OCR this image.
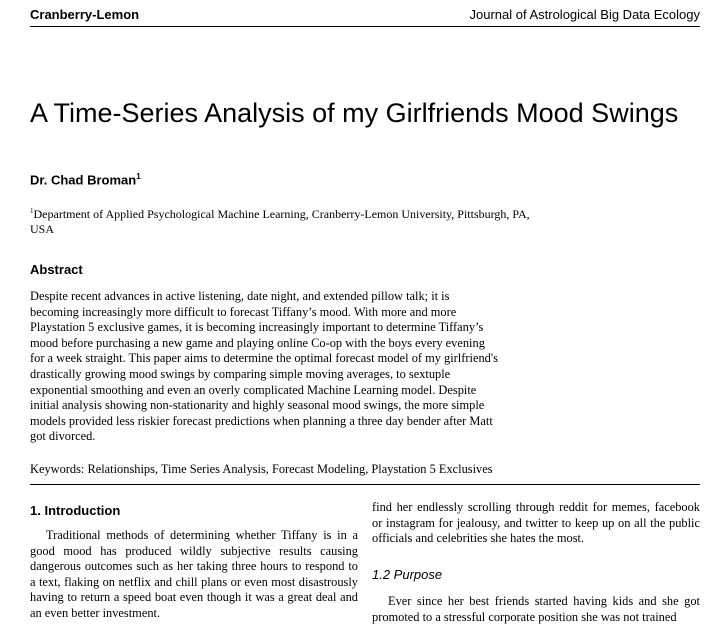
Cranberry-Lemon	Journal of Astrological Big Data Ecology
A Time-Series Analysis of my Girlfriends Mood Swings
Dr. Chad Broman$^1$
$^1$Department of Applied Psychological Machine Learning, Cranberry-Lemon University, Pittsburgh, PA, USA
Abstract

Despite recent advances in active listening, date night, and extended pillow talk; it is becoming increasingly more difficult to forecast Tiffany’s mood. With more and more Playstation 5 exclusive games, it is becoming increasingly important to determine Tiffany’s mood before purchasing a new game and playing online Co-op with the boys every evening for a week straight. This paper aims to determine the optimal forecast model of my girlfriend's drastically growing mood swings by comparing simple moving averages, to sextuple exponential smoothing and even an overly complicated Machine Learning model. Despite initial analysis showing non-stationarity and highly seasonal mood swings, the more simple models provided less riskier forecast predictions when planning a three day bender after Matt got divorced.

Keywords: Relationships, Time Series Analysis, Forecast Modeling, Playstation 5 Exclusives
1. Introduction

Traditional methods of determining whether Tiffany is in a good mood has produced wildly subjective results causing dangerous outcomes such as her taking three hours to respond to a text, flaking on netflix and chill plans or even most disastrously having to return a speed boat even though it was a great deal and an even better investment.

find her endlessly scrolling through reddit for memes, facebook or instagram for jealousy, and twitter to keep up on all the public officials and celebrities she hates the most.

1.2 Purpose

Ever since her best friends started having kids and she got promoted to a stressful corporate position she was not trained
